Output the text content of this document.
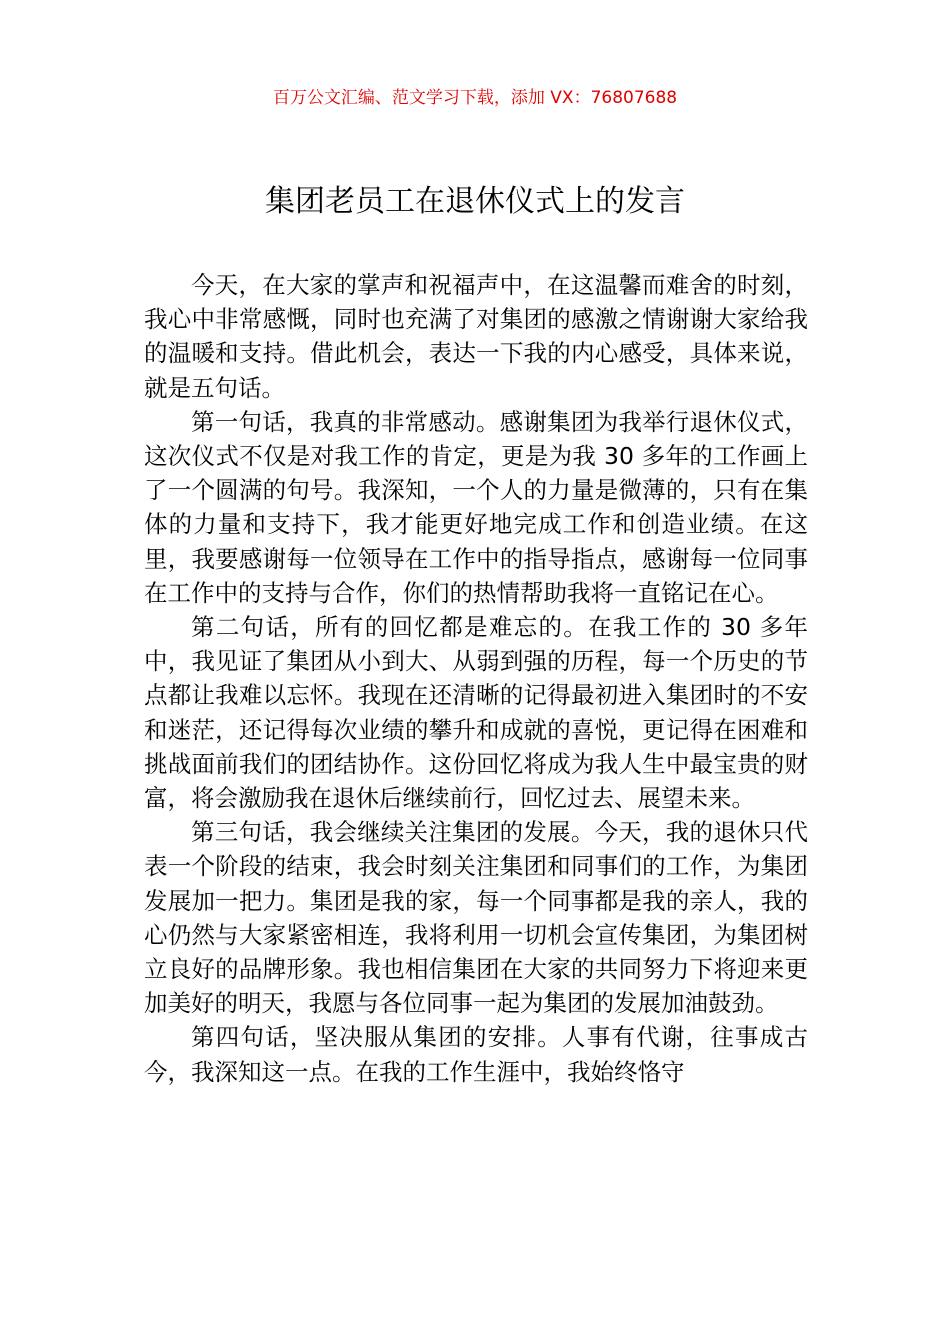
百万公文汇编、范文学习下载，添加 VX：76807688
集团老员工在退休仪式上的发言

今天，在大家的掌声和祝福声中，在这温馨而难舍的时刻，我心中非常感慨，同时也充满了对集团的感激之情谢谢大家给我的温暖和支持。借此机会，表达一下我的内心感受，具体来说，就是五句话。

第一句话，我真的非常感动。感谢集团为我举行退休仪式，这次仪式不仅是对我工作的肯定，更是为我 30 多年的工作画上了一个圆满的句号。我深知，一个人的力量是微薄的，只有在集体的力量和支持下，我才能更好地完成工作和创造业绩。在这里，我要感谢每一位领导在工作中的指导指点，感谢每一位同事在工作中的支持与合作，你们的热情帮助我将一直铭记在心。

第二句话，所有的回忆都是难忘的。在我工作的 30 多年中，我见证了集团从小到大、从弱到强的历程，每一个历史的节点都让我难以忘怀。我现在还清晰的记得最初进入集团时的不安和迷茫，还记得每次业绩的攀升和成就的喜悦，更记得在困难和挑战面前我们的团结协作。这份回忆将成为我人生中最宝贵的财富，将会激励我在退休后继续前行，回忆过去、展望未来。

第三句话，我会继续关注集团的发展。今天，我的退休只代表一个阶段的结束，我会时刻关注集团和同事们的工作，为集团发展加一把力。集团是我的家，每一个同事都是我的亲人，我的心仍然与大家紧密相连，我将利用一切机会宣传集团，为集团树立良好的品牌形象。我也相信集团在大家的共同努力下将迎来更加美好的明天，我愿与各位同事一起为集团的发展加油鼓劲。

第四句话，坚决服从集团的安排。人事有代谢，往事成古今，我深知这一点。在我的工作生涯中，我始终恪守
